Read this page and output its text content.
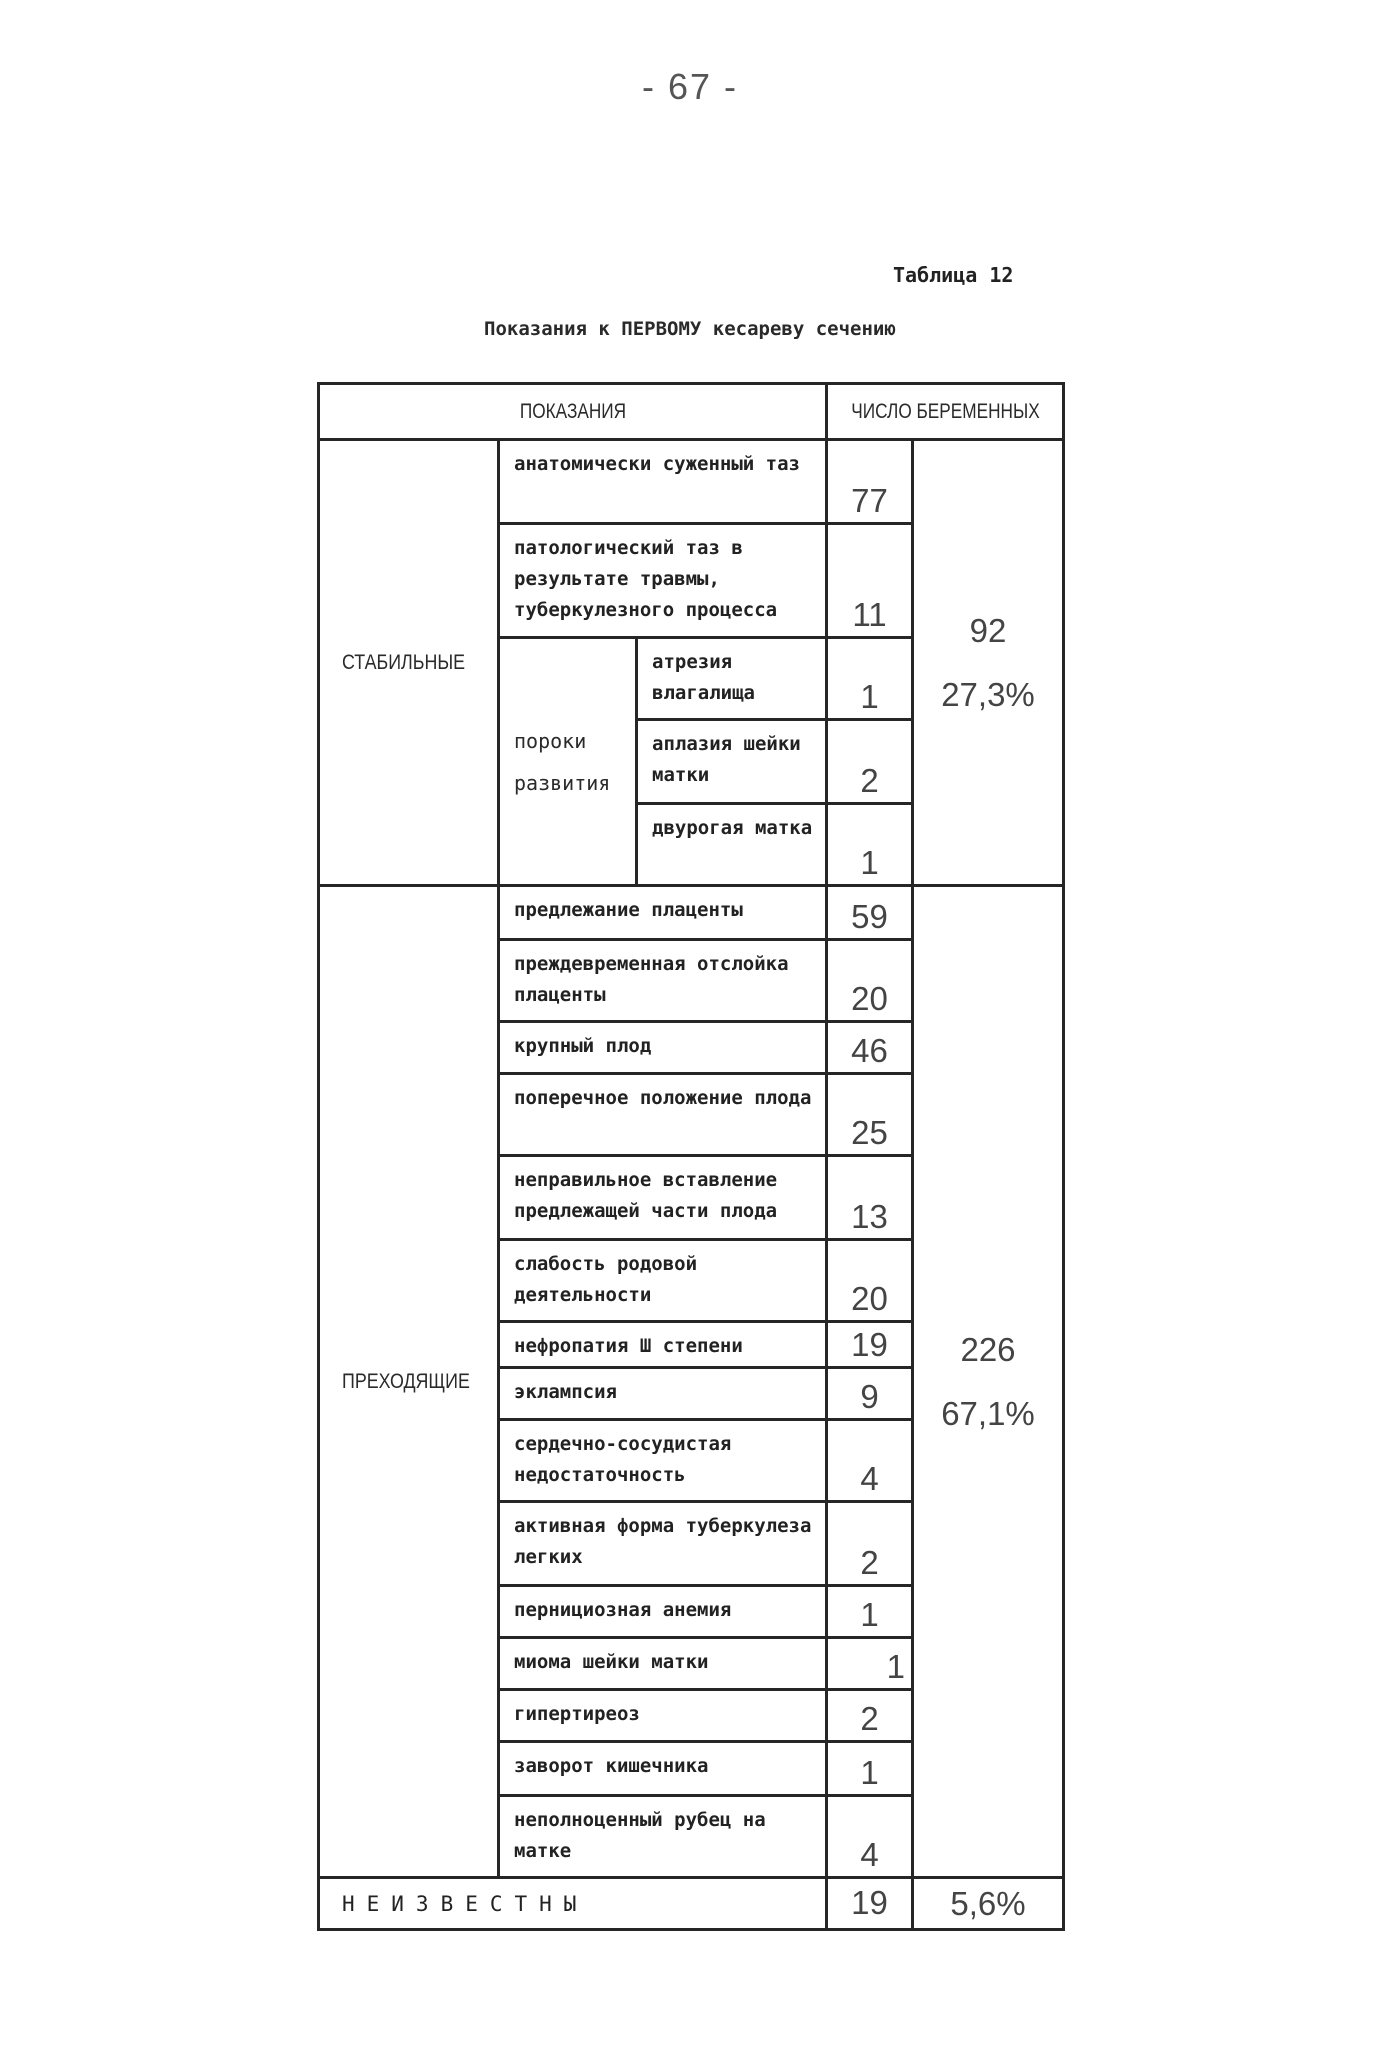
- 67 -
Таблица 12
Показания к ПЕРВОМУ кесареву сечению
ПОКАЗАНИЯ			ЧИСЛО БЕРЕМЕННЫХ	
СТАБИЛЬНЫЕ	анатомически суженный таз		77	92
27,3%

	патологический таз в результате травмы, туберкулезного процесса		11	
	пороки развития	атрезия влагалища	1	
		аплазия шейки матки	2	
		двурогая матка	1	
ПРЕХОДЯЩИЕ	предлежание плаценты		59	226
67,1%

	преждевременная отслойка плаценты		20	
	крупный плод		46	
	поперечное положение плода		25	
	неправильное вставление предлежащей части плода		13	
	слабость родовой деятельности		20	
	нефропатия Ш степени		19	
	эклампсия		9	
	сердечно-сосудистая недостаточность		4	
	активная форма туберкулеза легких		2	
	пернициозная анемия		1	
	миома шейки матки		1	
	гипертиреоз		2	
	заворот кишечника		1	
	неполноценный рубец на матке		4	
НЕИЗВЕСТНЫ			19	5,6%
